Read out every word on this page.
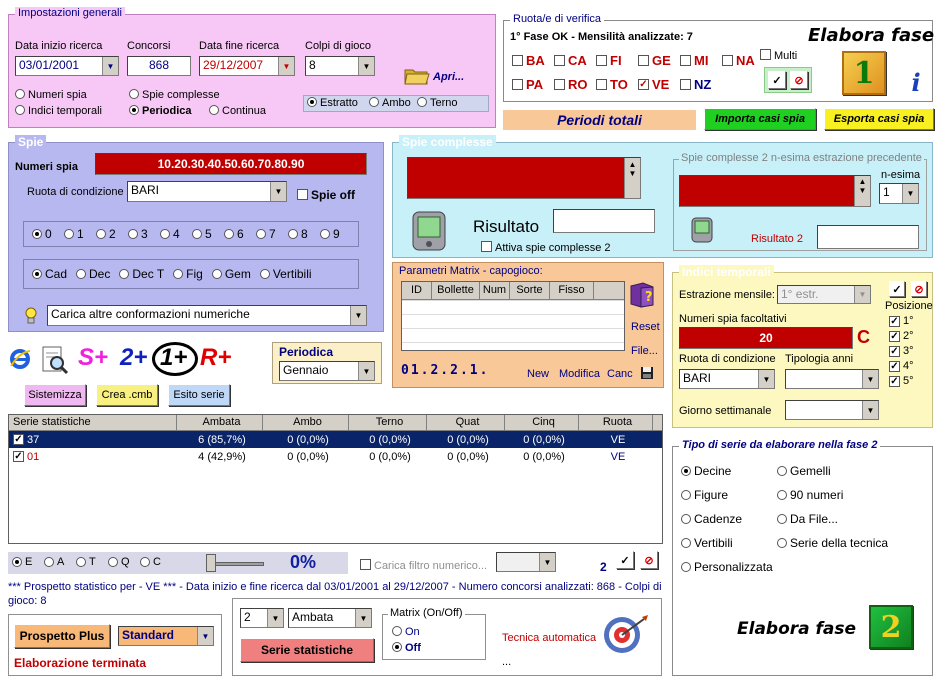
Impostazioni generali
Data inizio ricerca
03/01/2001	▼
Concorsi
868
Data fine ricerca
29/12/2007	▼
Colpi di gioco
8	▼
Numeri spia
Indici temporali
Spie complesse
Periodica	Continua
Apri...
Estratto	Ambo	Terno
Ruota/e di verifica
1° Fase OK - Mensilità analizzate: 7
BA CA FI GE MI NA
PA RO TO ✓ VE NZ
Multi
✓	⊘
Elabora fase
1	i
Periodi totali	Importa casi spia	Esporta casi spia
Spie
Numeri spia	10.20.30.40.50.60.70.80.90
Ruota di condizione BARI	▼	Spie off
0 1 2 3 4 5 6 7 8 9
Cad Dec Dec T Fig Gem Vertibili
Carica altre conformazioni numeriche	▼
Spie complesse
▲
▼
Risultato
Attiva spie complesse 2
Spie complesse 2 n-esima estrazione precedente
▲
▼
n-esima
1	▼
Risultato 2
Parametri Matrix - capogioco:
ID	Bollette Num Sorte	Fisso	?
Reset
File...
01.2.2.1.	New Modifica Canc
Indici temporali
Estrazione mensile: 1° estr.	▼
Numeri spia facoltativi
20	C
Ruota di condizione
BARI	▼
Tipologia anni
▼
Giorno settimanale	▼
✓	⊘
Posizione
✓ 1°
✓ 2°
✓ 3°
✓ 4°
✓ 5°
S+ 2+ 1+ R+	Periodica
Gennaio	▼
Sistemizza	Crea .cmb	Esito serie
Serie statistiche	Ambata	Ambo	Terno	Quat	Cinq	Ruota
✓ 37	6 (85,7%)	0 (0,0%)	0 (0,0%)	0 (0,0%)	0 (0,0%)	VE
✓ 01	4 (42,9%)	0 (0,0%)	0 (0,0%)	0 (0,0%)	0 (0,0%)	VE
E A T Q C	0%	Carica filtro numerico...	▼	2	✓	⊘
*** Prospetto statistico per - VE *** - Data inizio e fine ricerca dal 03/01/2001 al 29/12/2007 - Numero concorsi analizzati: 868 - Colpi di gioco: 8
Prospetto Plus	Standard	▼
Elaborazione terminata
2	▼	Ambata	▼
Serie statistiche
Matrix (On/Off)
On
Off
Tecnica automatica
...
Tipo di serie da elaborare nella fase 2
Decine
Figure
Cadenze
Vertibili
Personalizzata
Gemelli
90 numeri
Da File...
Serie della tecnica
Elabora fase 2
